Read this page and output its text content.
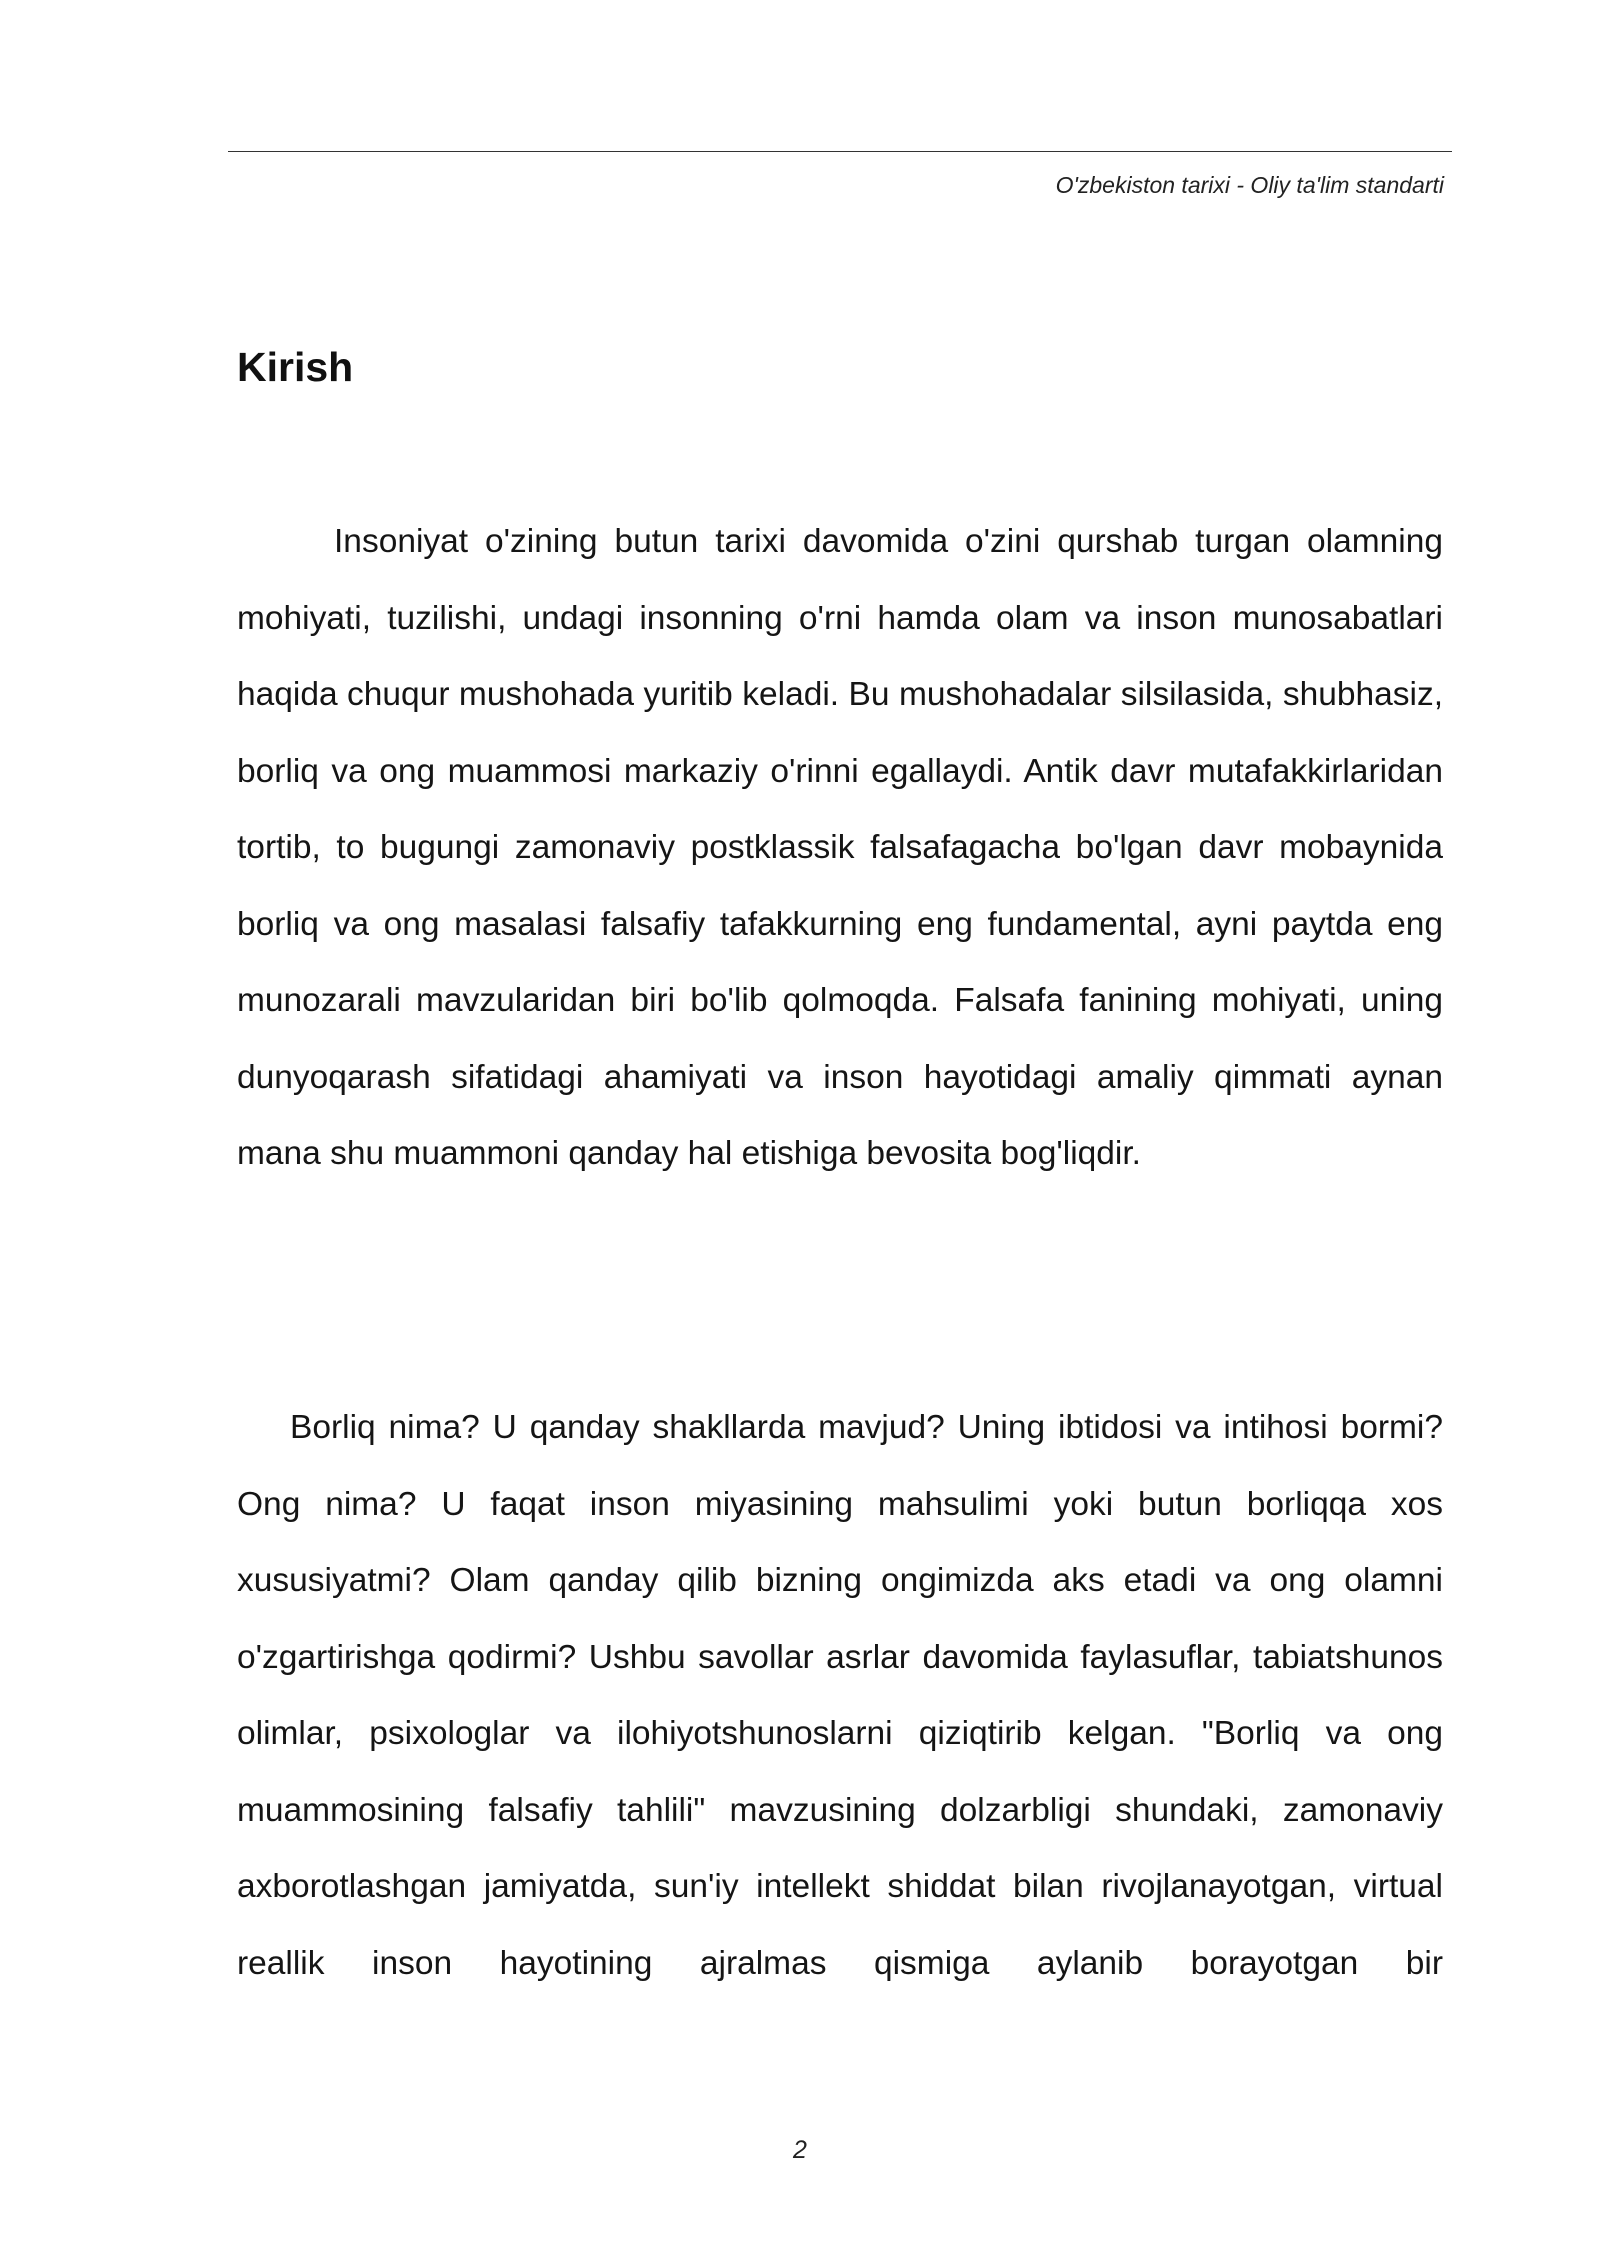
O'zbekiston tarixi - Oliy ta'lim standarti
Kirish

Insoniyat o'zining butun tarixi davomida o'zini qurshab turgan olamning mohiyati, tuzilishi, undagi insonning o'rni hamda olam va inson munosabatlari haqida chuqur mushohada yuritib keladi. Bu mushohadalar silsilasida, shubhasiz, borliq va ong muammosi markaziy o'rinni egallaydi. Antik davr mutafakkirlaridan tortib, to bugungi zamonaviy postklassik falsafagacha bo'lgan davr mobaynida borliq va ong masalasi falsafiy tafakkurning eng fundamental, ayni paytda eng munozarali mavzularidan biri bo'lib qolmoqda. Falsafa fanining mohiyati, uning dunyoqarash sifatidagi ahamiyati va inson hayotidagi amaliy qimmati aynan mana shu muammoni qanday hal etishiga bevosita bog'liqdir.

Borliq nima? U qanday shakllarda mavjud? Uning ibtidosi va intihosi bormi? Ong nima? U faqat inson miyasining mahsulimi yoki butun borliqqa xos xususiyatmi? Olam qanday qilib bizning ongimizda aks etadi va ong olamni o'zgartirishga qodirmi? Ushbu savollar asrlar davomida faylasuflar, tabiatshunos olimlar, psixologlar va ilohiyotshunoslarni qiziqtirib kelgan. "Borliq va ong muammosining falsafiy tahlili" mavzusining dolzarbligi shundaki, zamonaviy axborotlashgan jamiyatda, sun'iy intellekt shiddat bilan rivojlanayotgan, virtual reallik inson hayotining ajralmas qismiga aylanib borayotgan bir

2
